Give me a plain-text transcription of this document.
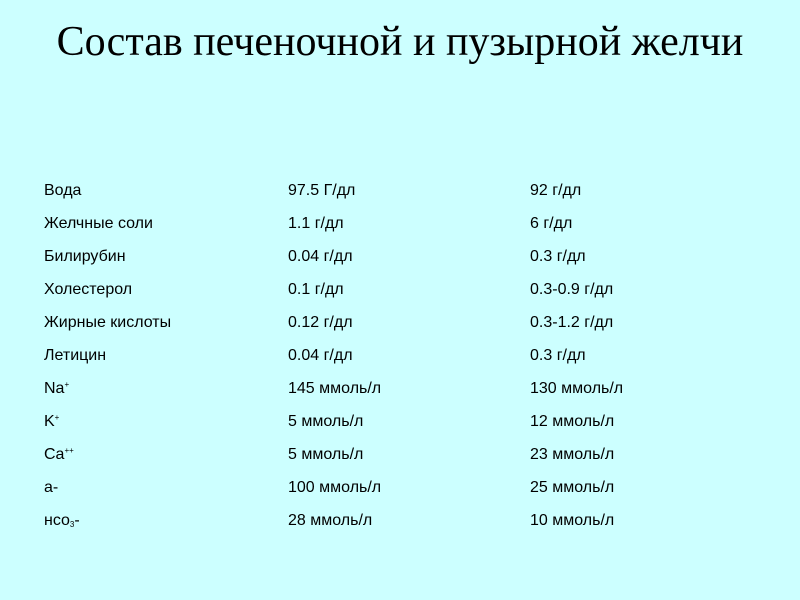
Состав печеночной и пузырной желчи
Вода	97.5 Г/дл	92 г/дл
Желчные соли	1.1 г/дл	6 г/дл
Билирубин	0.04 г/дл	0.3 г/дл
Холестерол	0.1 г/дл	0.3-0.9 г/дл
Жирные кислоты	0.12 г/дл	0.3-1.2 г/дл
Летицин	0.04 г/дл	0.3 г/дл
Na+	145 ммоль/л	130 ммоль/л
K+	5 ммоль/л	12 ммоль/л
Ca++	5 ммоль/л	23 ммоль/л
a-	100 ммоль/л	25 ммоль/л
нсо$_3$-	28 ммоль/л	10 ммоль/л
